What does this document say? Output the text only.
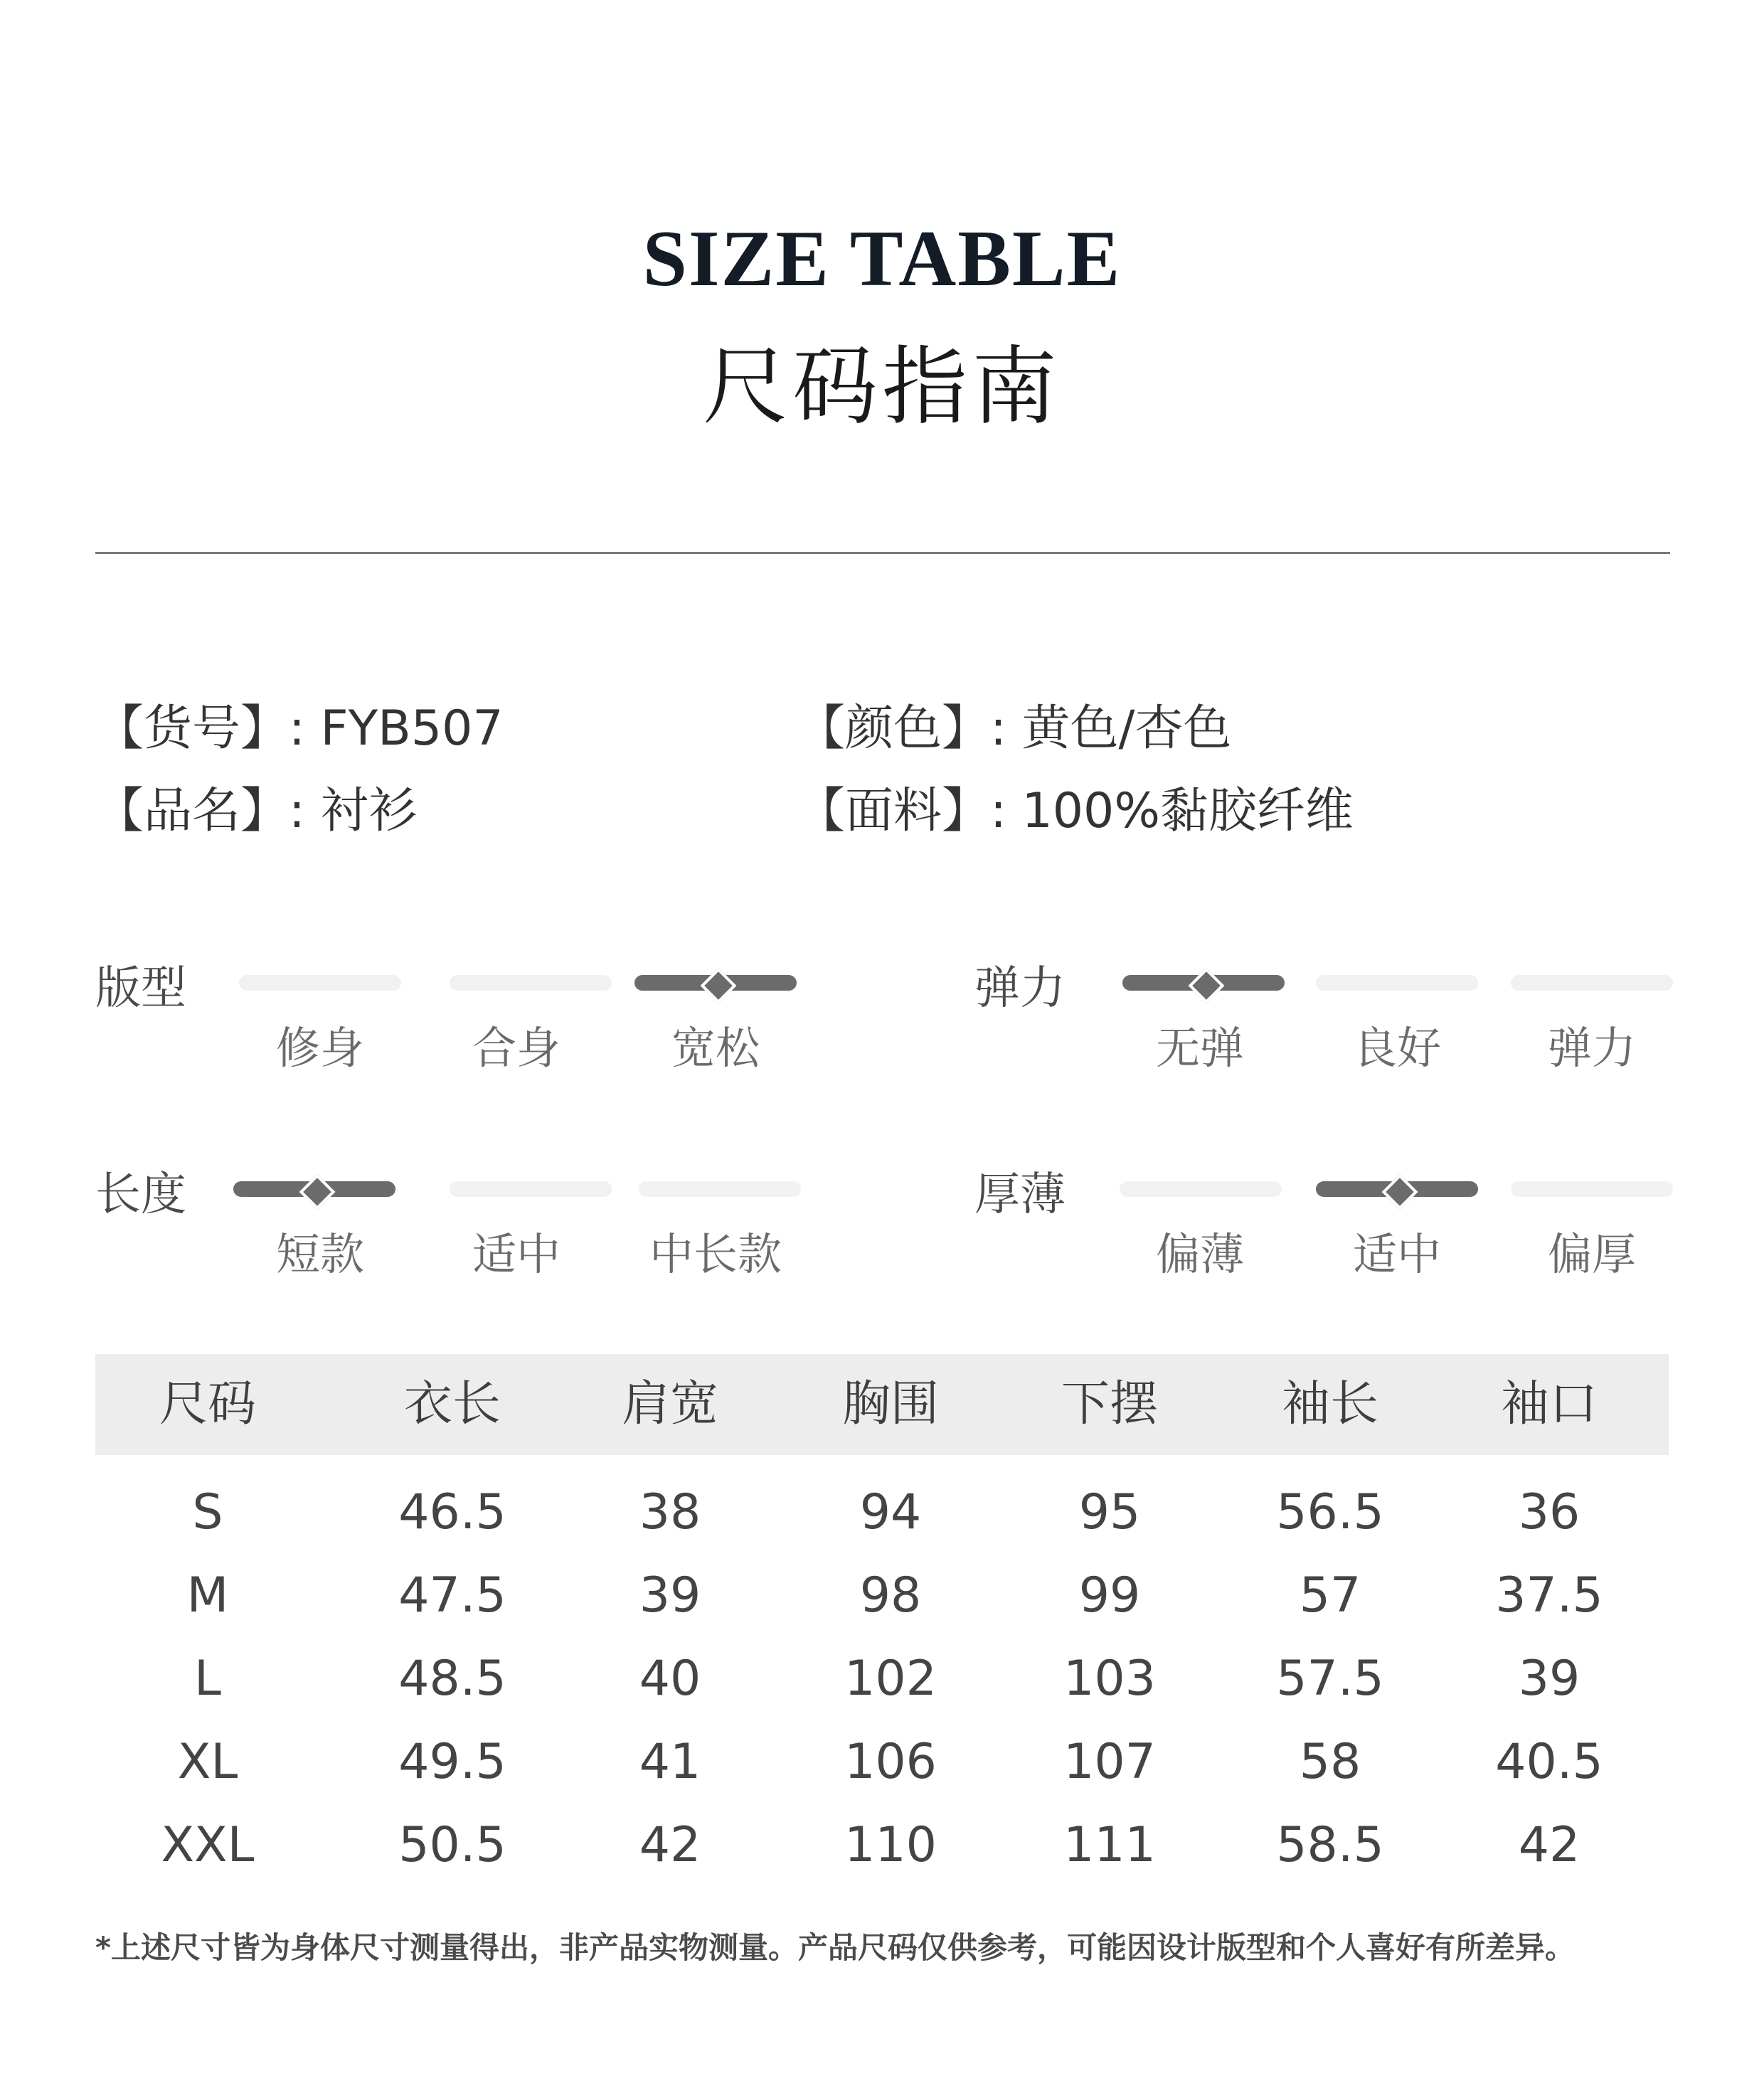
SIZE TABLE
尺码指南
【货号】: FYB507
【品名】: 衬衫
【颜色】: 黄色/杏色
【面料】: 100%黏胶纤维
版型
修身	合身	宽松
弹力
无弹	良好	弹力
长度
短款	适中	中长款
厚薄
偏薄	适中	偏厚
尺码	衣长	肩宽	胸围	下摆	袖长	袖口
S	46.5	38	94	95	56.5	36
M	47.5	39	98	99	57	37.5
L	48.5	40	102	103	57.5	39
XL	49.5	41	106	107	58	40.5
XXL	50.5	42	110	111	58.5	42
*上述尺寸皆为身体尺寸测量得出，非产品实物测量。产品尺码仅供参考，可能因设计版型和个人喜好有所差异。
